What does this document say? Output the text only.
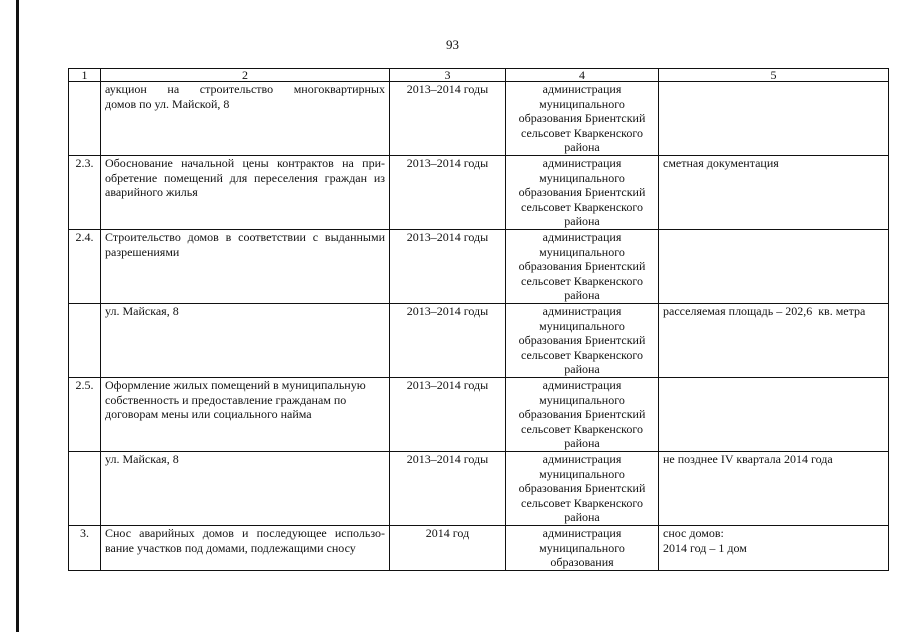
93
1	2	3	4	5

	аукцион на строительство многоквартирных
домов по ул. Майской, 8	2013–2014 годы	администрация
муниципального
образования Бриентский
сельсовет Кваркенского
района	

2.3.	Обоснование начальной цены контрактов на при-
обретение помещений для переселения граждан из
аварийного жилья	2013–2014 годы	администрация
муниципального
образования Бриентский
сельсовет Кваркенского
района	сметная документация

2.4.	Строительство домов в соответствии с выданными
разрешениями	2013–2014 годы	администрация
муниципального
образования Бриентский
сельсовет Кваркенского
района	

	ул. Майская, 8	2013–2014 годы	администрация
муниципального
образования Бриентский
сельсовет Кваркенского
района	расселяемая площадь – 202,6  кв. метра

2.5.	Оформление жилых помещений в муниципальную
собственность и предоставление гражданам по
договорам мены или социального найма	2013–2014 годы	администрация
муниципального
образования Бриентский
сельсовет Кваркенского
района	

	ул. Майская, 8	2013–2014 годы	администрация
муниципального
образования Бриентский
сельсовет Кваркенского
района	не позднее IV квартала 2014 года

3.	Снос аварийных домов и последующее использо-
вание участков под домами, подлежащими сносу	2014 год	администрация
муниципального
образования	снос домов:
2014 год – 1 дом
